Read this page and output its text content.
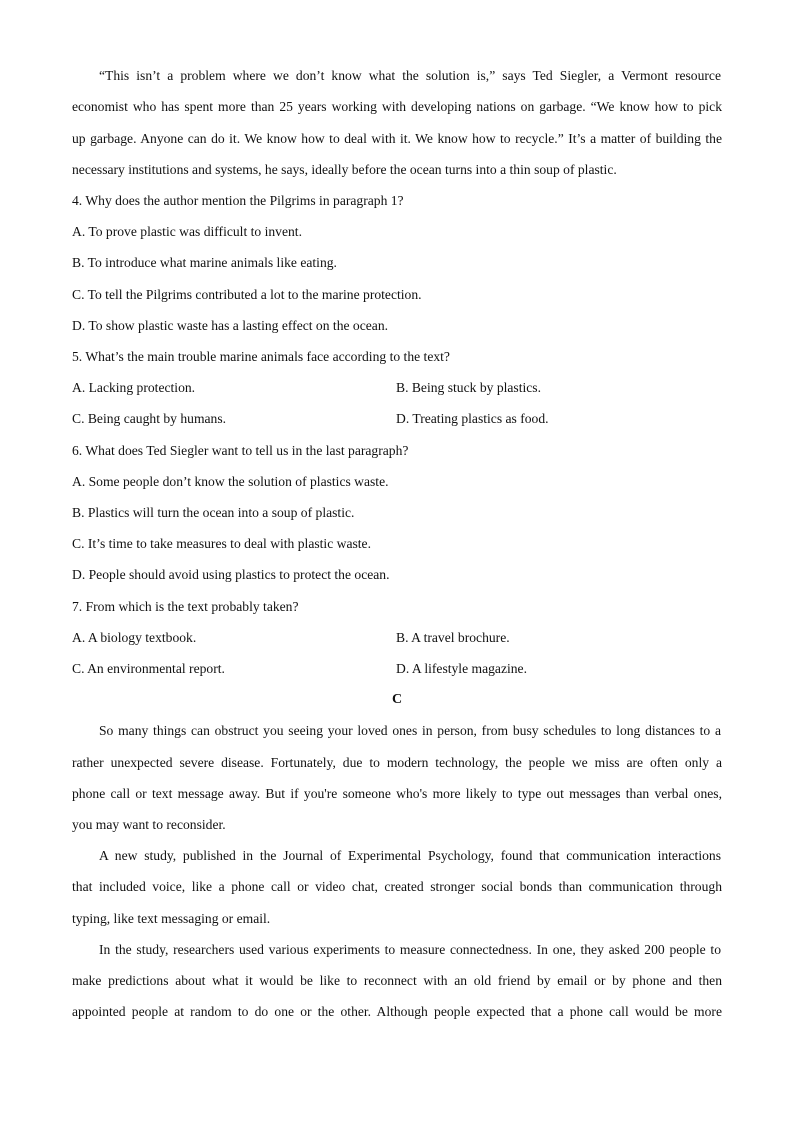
“This isn’t a problem where we don’t know what the solution is,” says Ted Siegler, a Vermont resource
economist who has spent more than 25 years working with developing nations on garbage. “We know how to pick
up garbage. Anyone can do it. We know how to deal with it. We know how to recycle.” It’s a matter of building the
necessary institutions and systems, he says, ideally before the ocean turns into a thin soup of plastic.
4. Why does the author mention the Pilgrims in paragraph 1?
A. To prove plastic was difficult to invent.
B. To introduce what marine animals like eating.
C. To tell the Pilgrims contributed a lot to the marine protection.
D. To show plastic waste has a lasting effect on the ocean.
5. What’s the main trouble marine animals face according to the text?
A. Lacking protection.	B. Being stuck by plastics.
C. Being caught by humans.	D. Treating plastics as food.
6. What does Ted Siegler want to tell us in the last paragraph?
A. Some people don’t know the solution of plastics waste.
B. Plastics will turn the ocean into a soup of plastic.
C. It’s time to take measures to deal with plastic waste.
D. People should avoid using plastics to protect the ocean.
7. From which is the text probably taken?
A. A biology textbook.	B. A travel brochure.
C. An environmental report.	D. A lifestyle magazine.
C
So many things can obstruct you seeing your loved ones in person, from busy schedules to long distances to a
rather unexpected severe disease. Fortunately, due to modern technology, the people we miss are often only a
phone call or text message away. But if you're someone who's more likely to type out messages than verbal ones,
you may want to reconsider.
A new study, published in the Journal of Experimental Psychology, found that communication interactions
that included voice, like a phone call or video chat, created stronger social bonds than communication through
typing, like text messaging or email.
In the study, researchers used various experiments to measure connectedness. In one, they asked 200 people to
make predictions about what it would be like to reconnect with an old friend by email or by phone and then
appointed people at random to do one or the other. Although people expected that a phone call would be more
